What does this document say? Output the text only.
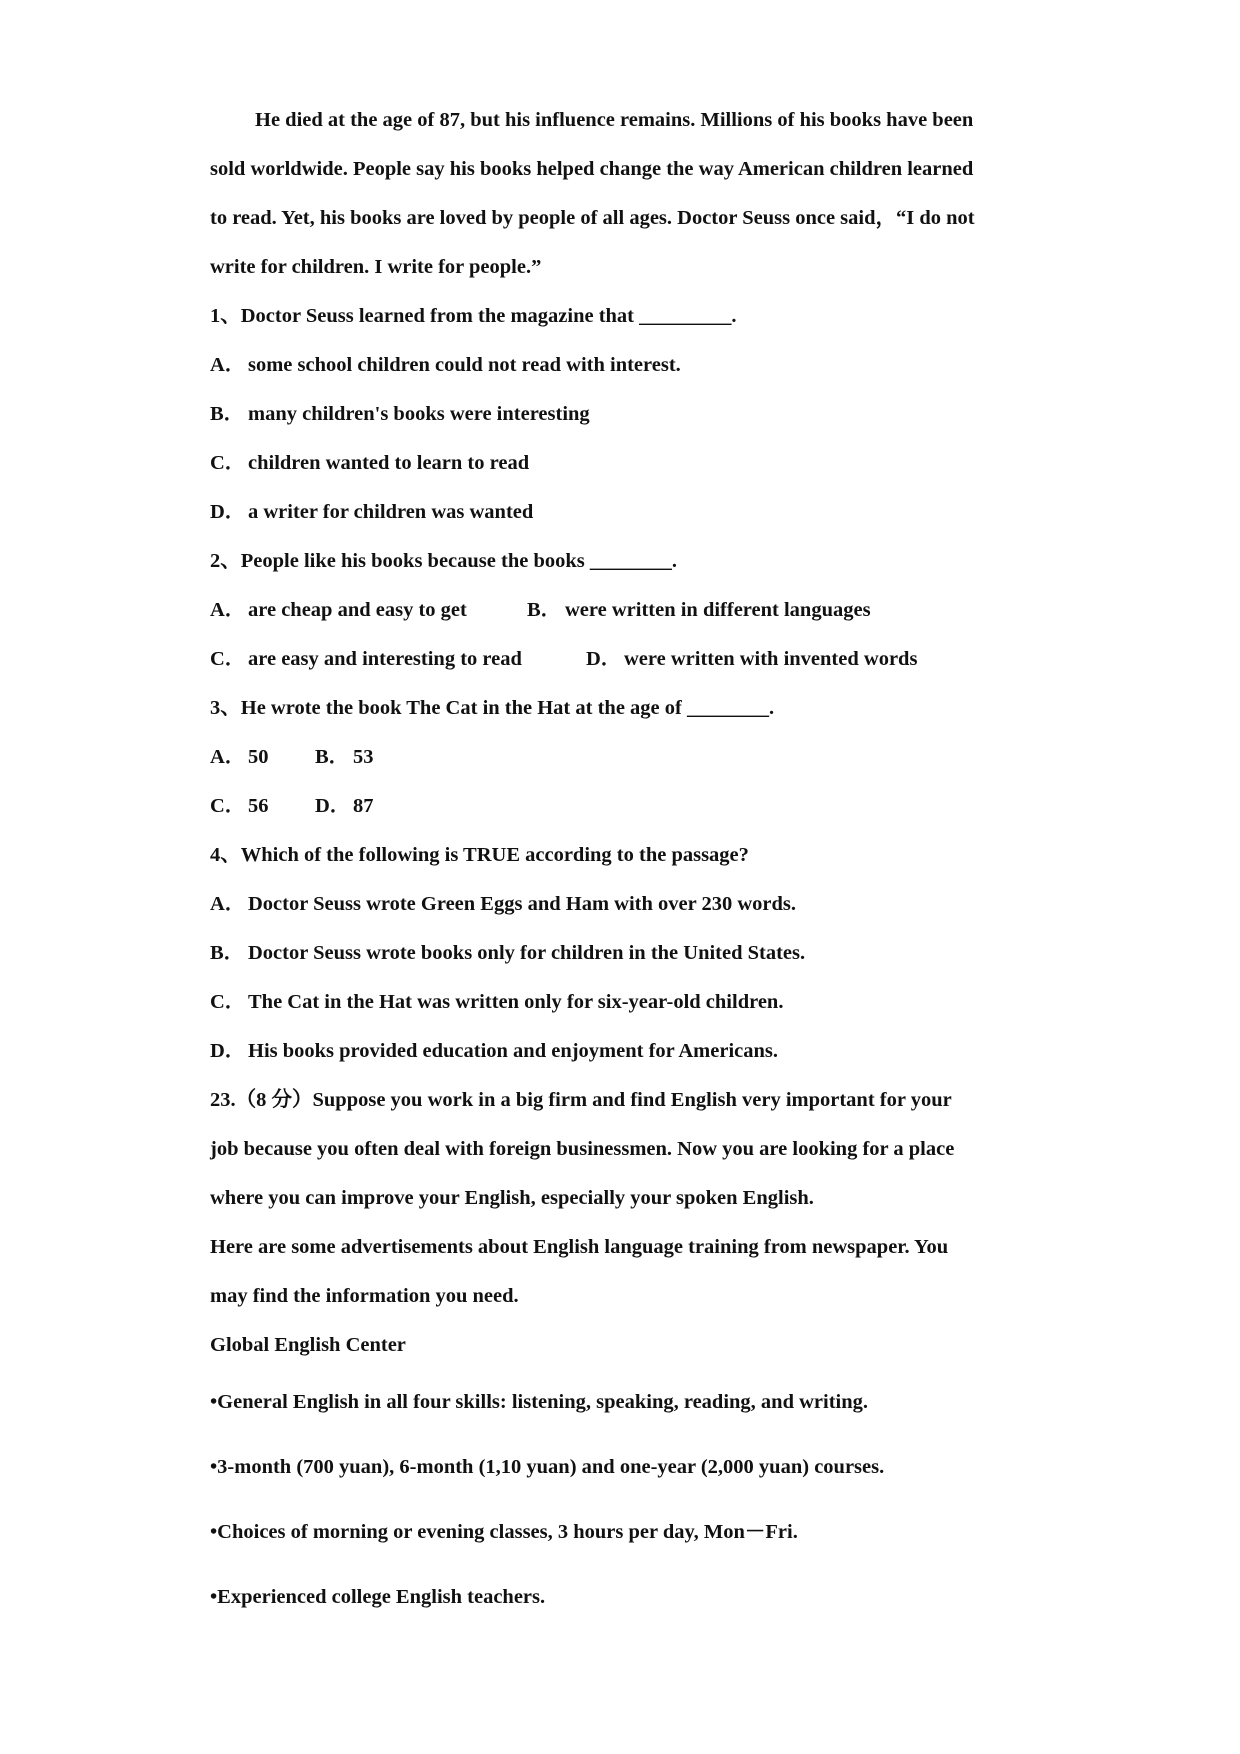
He died at the age of 87, but his influence remains. Millions of his books have been
sold worldwide. People say his books helped change the way American children learned
to read. Yet, his books are loved by people of all ages. Doctor Seuss once said，“I do not
write for children. I write for people.”
1、Doctor Seuss learned from the magazine that _________.
A． some school children could not read with interest.
B． many children's books were interesting
C． children wanted to learn to read
D． a writer for children was wanted
2、People like his books because the books ________.
A． are cheap and easy to get	B． were written in different languages
C． are easy and interesting to read	D． were written with invented words
3、He wrote the book The Cat in the Hat at the age of ________.
A． 50 B． 53
C． 56 D． 87
4、Which of the following is TRUE according to the passage?
A． Doctor Seuss wrote Green Eggs and Ham with over 230 words.
B． Doctor Seuss wrote books only for children in the United States.
C． The Cat in the Hat was written only for six-year-old children.
D． His books provided education and enjoyment for Americans.
23.（8 分）Suppose you work in a big firm and find English very important for your
job because you often deal with foreign businessmen. Now you are looking for a place
where you can improve your English, especially your spoken English.
Here are some advertisements about English language training from newspaper. You
may find the information you need.
Global English Center
•General English in all four skills: listening, speaking, reading, and writing.
•3-month (700 yuan), 6-month (1,10 yuan) and one-year (2,000 yuan) courses.
•Choices of morning or evening classes, 3 hours per day, Mon－Fri.
•Experienced college English teachers.
